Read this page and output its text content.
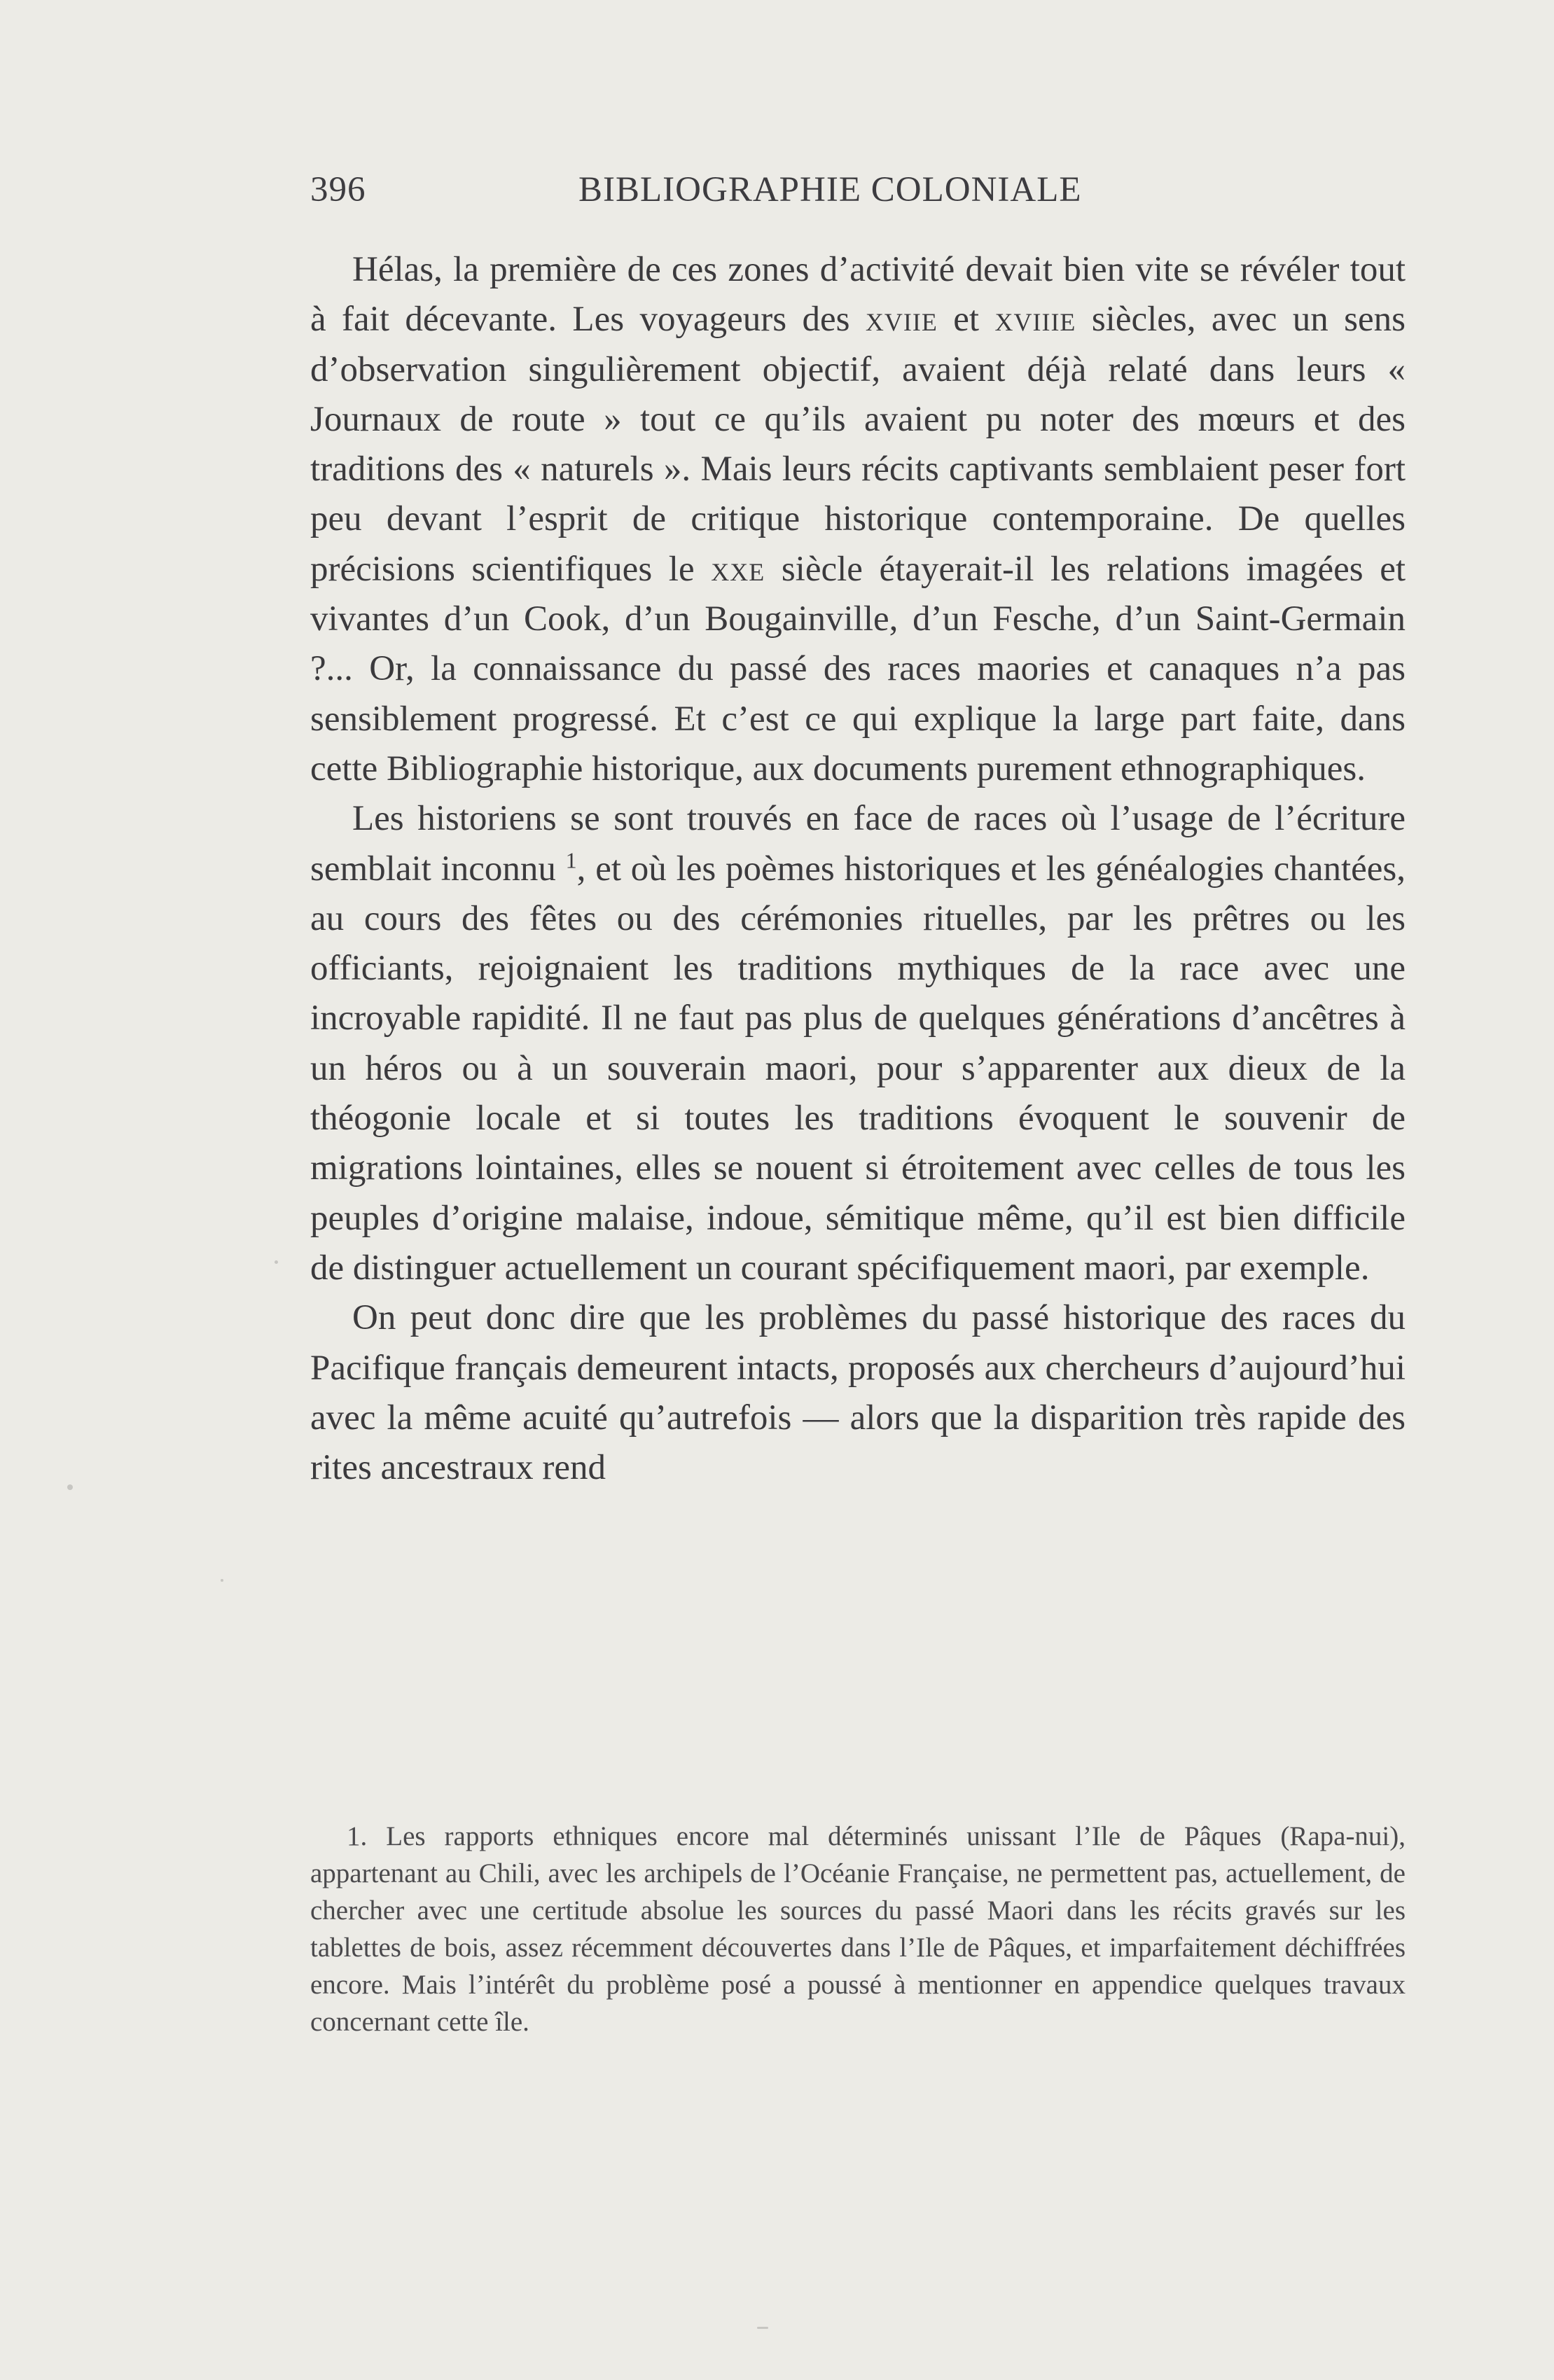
396	BIBLIOGRAPHIE COLONIALE

Hélas, la première de ces zones d’activité devait bien vite se révéler tout à fait décevante. Les voyageurs des xviie et xviiie siècles, avec un sens d’observation singulièrement objectif, avaient déjà relaté dans leurs « Journaux de route » tout ce qu’ils avaient pu noter des mœurs et des traditions des « naturels ». Mais leurs récits captivants semblaient peser fort peu devant l’esprit de critique historique contemporaine. De quelles précisions scientifiques le xxe siècle étayerait-il les relations imagées et vivantes d’un Cook, d’un Bougainville, d’un Fesche, d’un Saint-Germain ?... Or, la connaissance du passé des races maories et canaques n’a pas sensiblement progressé. Et c’est ce qui explique la large part faite, dans cette Bibliographie historique, aux documents purement ethnographiques.

Les historiens se sont trouvés en face de races où l’usage de l’écriture semblait inconnu $^1$, et où les poèmes historiques et les généalogies chantées, au cours des fêtes ou des cérémonies rituelles, par les prêtres ou les officiants, rejoignaient les traditions mythiques de la race avec une incroyable rapidité. Il ne faut pas plus de quelques générations d’ancêtres à un héros ou à un souverain maori, pour s’apparenter aux dieux de la théogonie locale et si toutes les traditions évoquent le souvenir de migrations lointaines, elles se nouent si étroitement avec celles de tous les peuples d’origine malaise, indoue, sémitique même, qu’il est bien difficile de distinguer actuellement un courant spécifiquement maori, par exemple.

On peut donc dire que les problèmes du passé historique des races du Pacifique français demeurent intacts, proposés aux chercheurs d’aujourd’hui avec la même acuité qu’autrefois — alors que la disparition très rapide des rites ancestraux rend

1. Les rapports ethniques encore mal déterminés unissant l’Ile de Pâques (Rapa-nui), appartenant au Chili, avec les archipels de l’Océanie Française, ne permettent pas, actuellement, de chercher avec une certitude absolue les sources du passé Maori dans les récits gravés sur les tablettes de bois, assez récemment découvertes dans l’Ile de Pâques, et imparfaitement déchiffrées encore. Mais l’intérêt du problème posé a poussé à mentionner en appendice quelques travaux concernant cette île.
